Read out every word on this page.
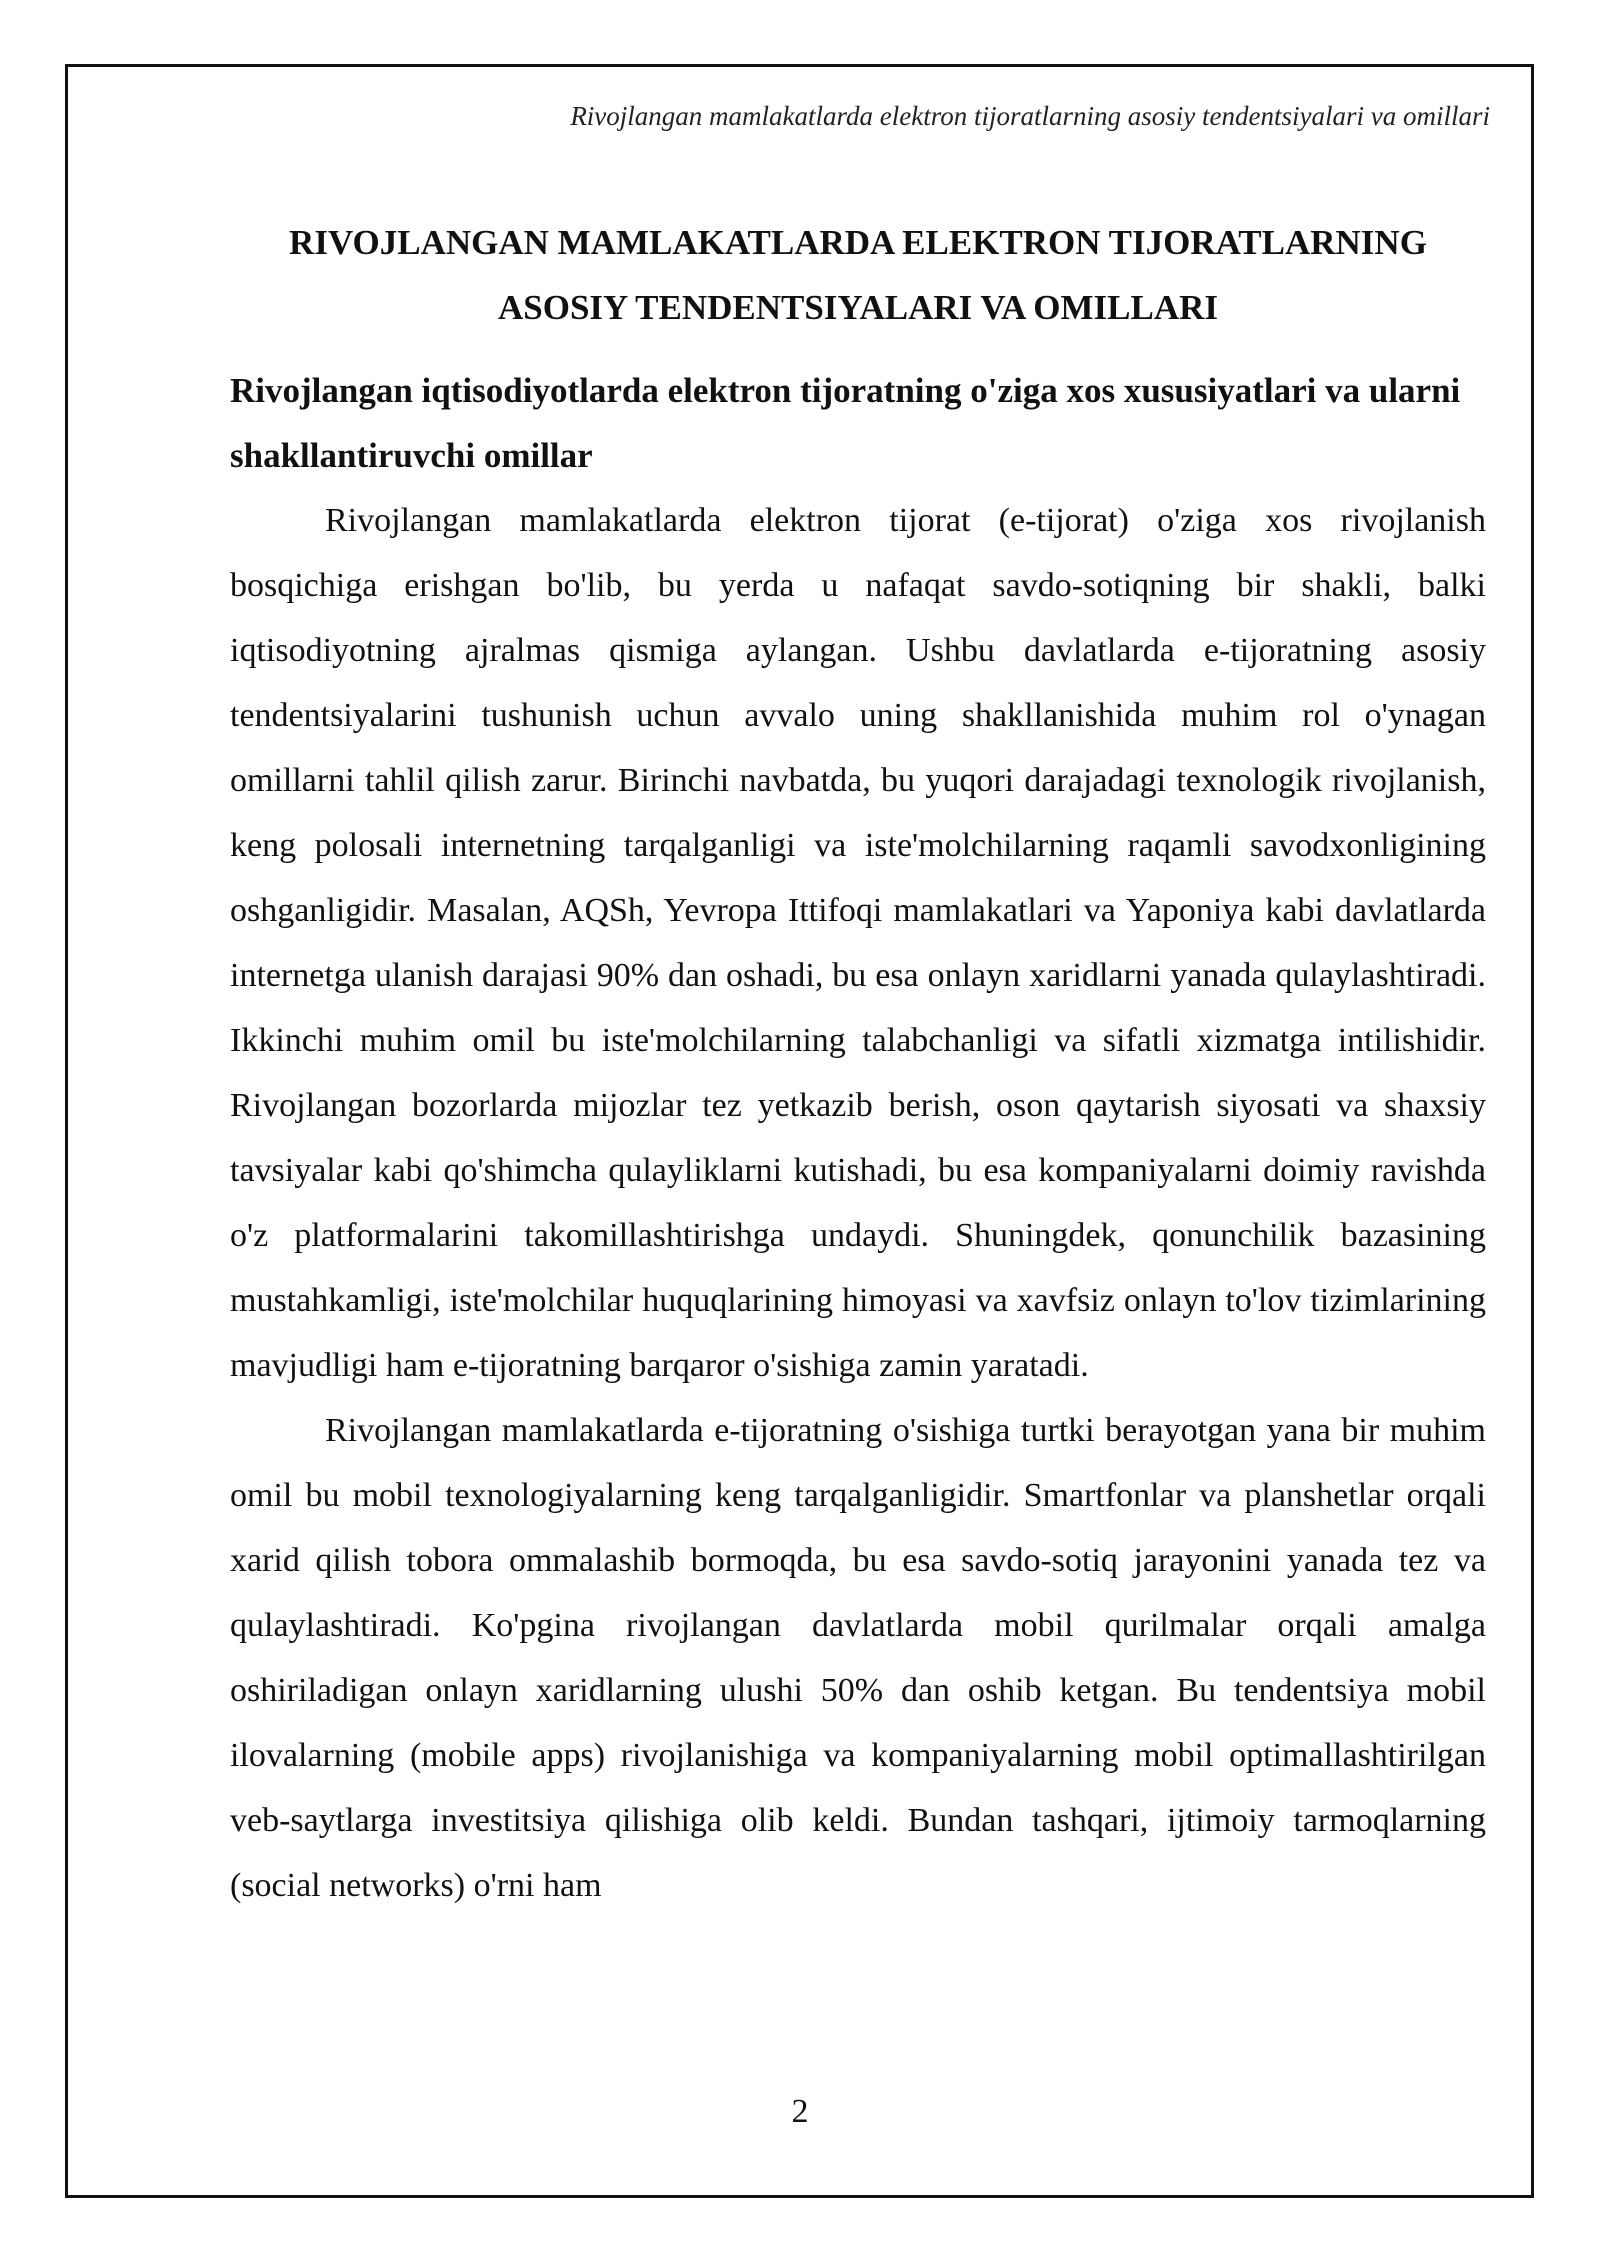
Rivojlangan mamlakatlarda elektron tijoratlarning asosiy tendentsiyalari va omillari
RIVOJLANGAN MAMLAKATLARDA ELEKTRON TIJORATLARNING ASOSIY TENDENTSIYALARI VA OMILLARI
Rivojlangan iqtisodiyotlarda elektron tijoratning o'ziga xos xususiyatlari va ularni shakllantiruvchi omillar

Rivojlangan mamlakatlarda elektron tijorat (e-tijorat) o'ziga xos rivojlanish bosqichiga erishgan bo'lib, bu yerda u nafaqat savdo-sotiqning bir shakli, balki iqtisodiyotning ajralmas qismiga aylangan. Ushbu davlatlarda e-tijoratning asosiy tendentsiyalarini tushunish uchun avvalo uning shakllanishida muhim rol o'ynagan omillarni tahlil qilish zarur. Birinchi navbatda, bu yuqori darajadagi texnologik rivojlanish, keng polosali internetning tarqalganligi va iste'molchilarning raqamli savodxonligining oshganligidir. Masalan, AQSh, Yevropa Ittifoqi mamlakatlari va Yaponiya kabi davlatlarda internetga ulanish darajasi 90% dan oshadi, bu esa onlayn xaridlarni yanada qulaylashtiradi. Ikkinchi muhim omil bu iste'molchilarning talabchanligi va sifatli xizmatga intilishidir. Rivojlangan bozorlarda mijozlar tez yetkazib berish, oson qaytarish siyosati va shaxsiy tavsiyalar kabi qo'shimcha qulayliklarni kutishadi, bu esa kompaniyalarni doimiy ravishda o'z platformalarini takomillashtirishga undaydi. Shuningdek, qonunchilik bazasining mustahkamligi, iste'molchilar huquqlarining himoyasi va xavfsiz onlayn to'lov tizimlarining mavjudligi ham e-tijoratning barqaror o'sishiga zamin yaratadi.

Rivojlangan mamlakatlarda e-tijoratning o'sishiga turtki berayotgan yana bir muhim omil bu mobil texnologiyalarning keng tarqalganligidir. Smartfonlar va planshetlar orqali xarid qilish tobora ommalashib bormoqda, bu esa savdo-sotiq jarayonini yanada tez va qulaylashtiradi. Ko'pgina rivojlangan davlatlarda mobil qurilmalar orqali amalga oshiriladigan onlayn xaridlarning ulushi 50% dan oshib ketgan. Bu tendentsiya mobil ilovalarning (mobile apps) rivojlanishiga va kompaniyalarning mobil optimallashtirilgan veb-saytlarga investitsiya qilishiga olib keldi. Bundan tashqari, ijtimoiy tarmoqlarning (social networks) o'rni ham

2
